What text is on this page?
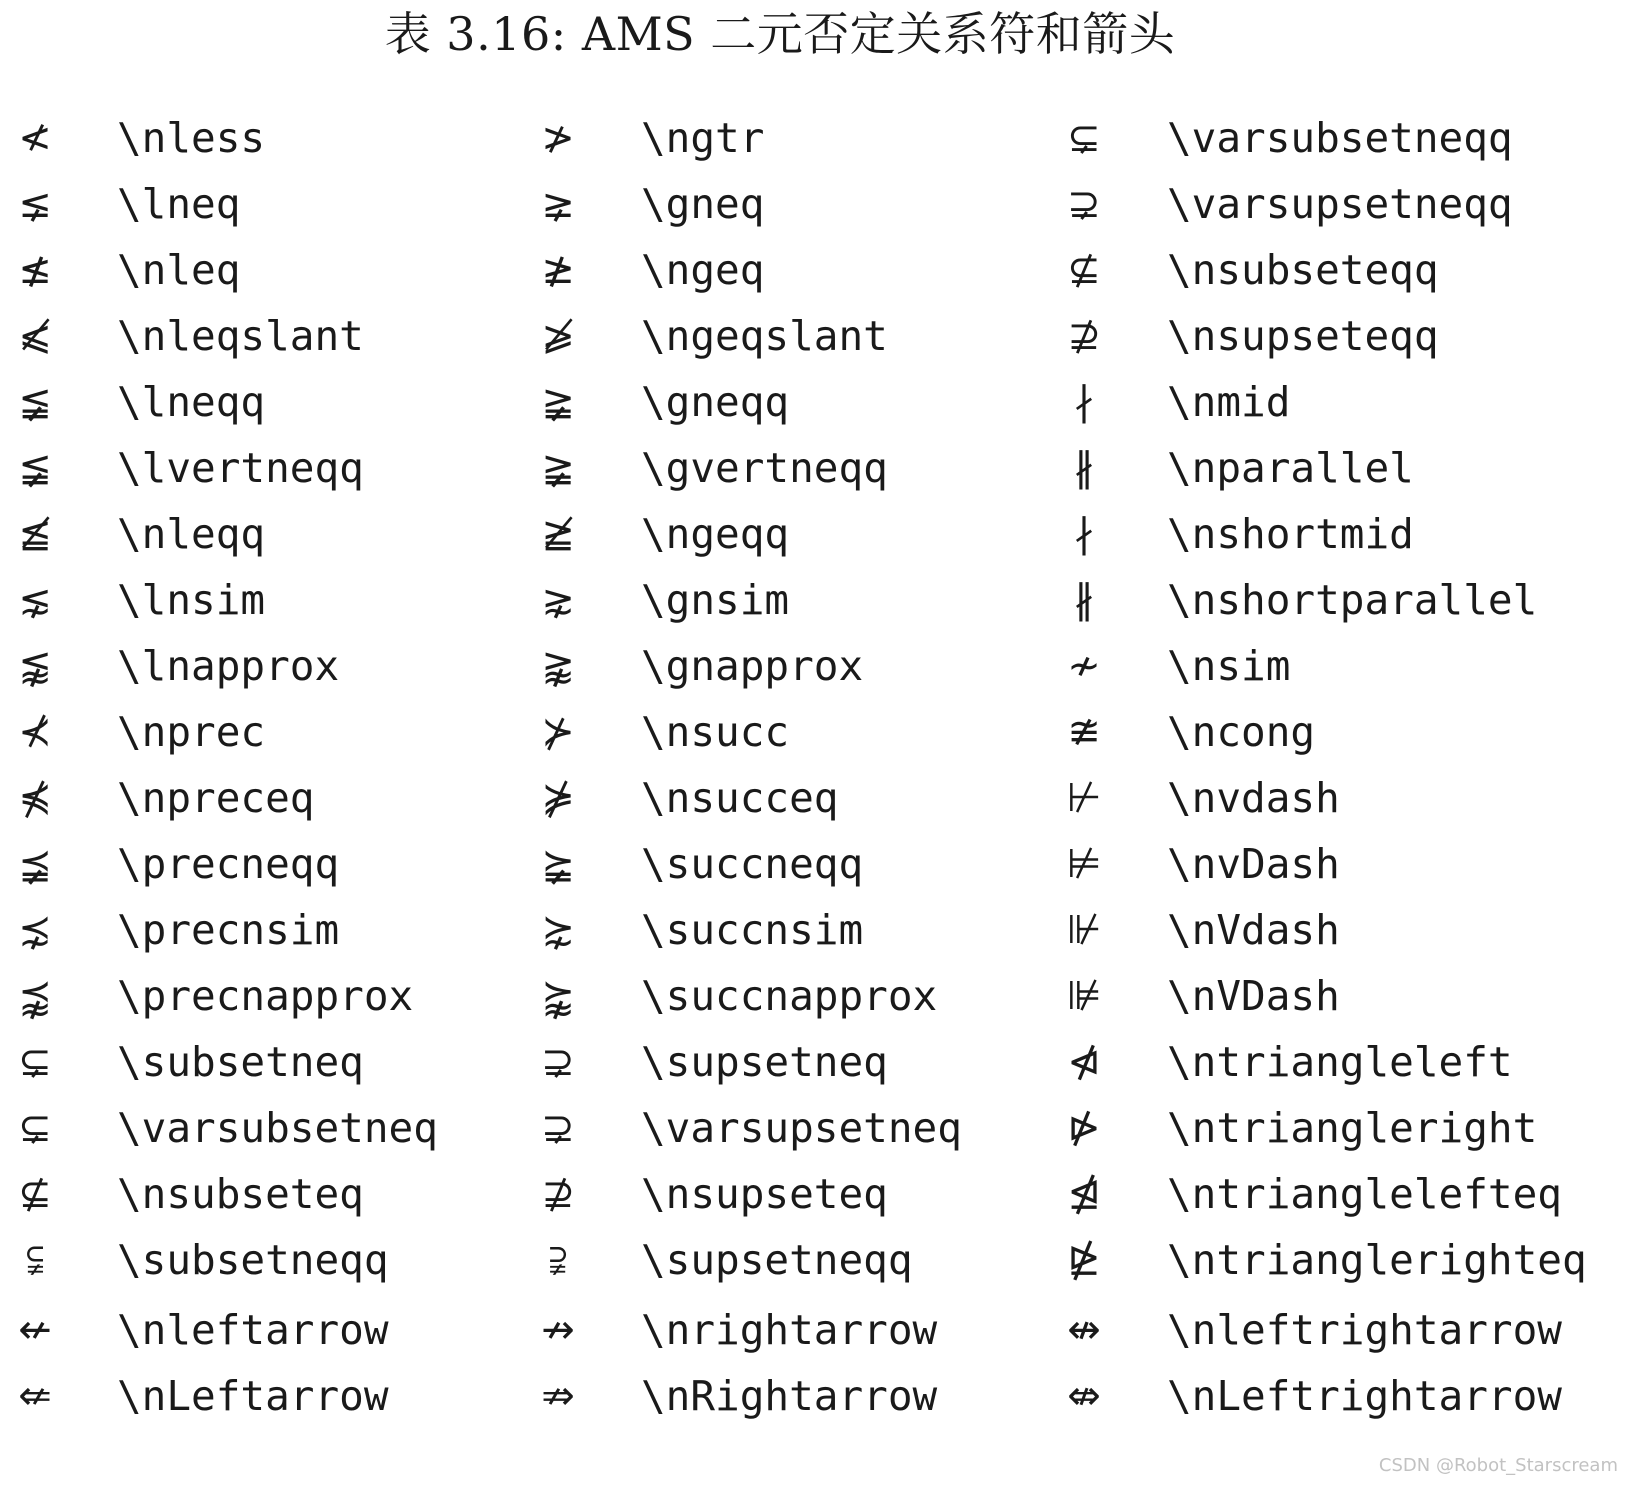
表 3.16: AMS 二元否定关系符和箭头
≮	\nless	≯	\ngtr	⊊	\varsubsetneqq
⪇	\lneq	⪈	\gneq	⊋	\varsupsetneqq
≰	\nleq	≱	\ngeq	⊈	\nsubseteqq
⩽̸	\nleqslant	⩾̸	\ngeqslant	⊉	\nsupseteqq
≨	\lneqq	≩	\gneqq	∤	\nmid
≨︀	\lvertneqq	≩︀	\gvertneqq	∦	\nparallel
≦̸	\nleqq	≧̸	\ngeqq	∤	\nshortmid
⋦	\lnsim	⋧	\gnsim	∦	\nshortparallel
⪉	\lnapprox	⪊	\gnapprox	≁	\nsim
⊀	\nprec	⊁	\nsucc	≇	\ncong
⋠	\npreceq	⋡	\nsucceq	⊬	\nvdash
⪵	\precneqq	⪶	\succneqq	⊭	\nvDash
⋨	\precnsim	⋩	\succnsim	⊮	\nVdash
⪹	\precnapprox	⪺	\succnapprox	⊯	\nVDash
⊊	\subsetneq	⊋	\supsetneq	⋪	\ntriangleleft
⊊︀	\varsubsetneq	⊋︀	\varsupsetneq	⋫	\ntriangleright
⊈	\nsubseteq	⊉	\nsupseteq	⋬	\ntrianglelefteq
⫋	\subsetneqq	⫌	\supsetneqq	⋭	\ntrianglerighteq
↚	\nleftarrow	↛	\nrightarrow	↮	\nleftrightarrow
⇍	\nLeftarrow	⇏	\nRightarrow	⇎	\nLeftrightarrow
CSDN @Robot_Starscream
